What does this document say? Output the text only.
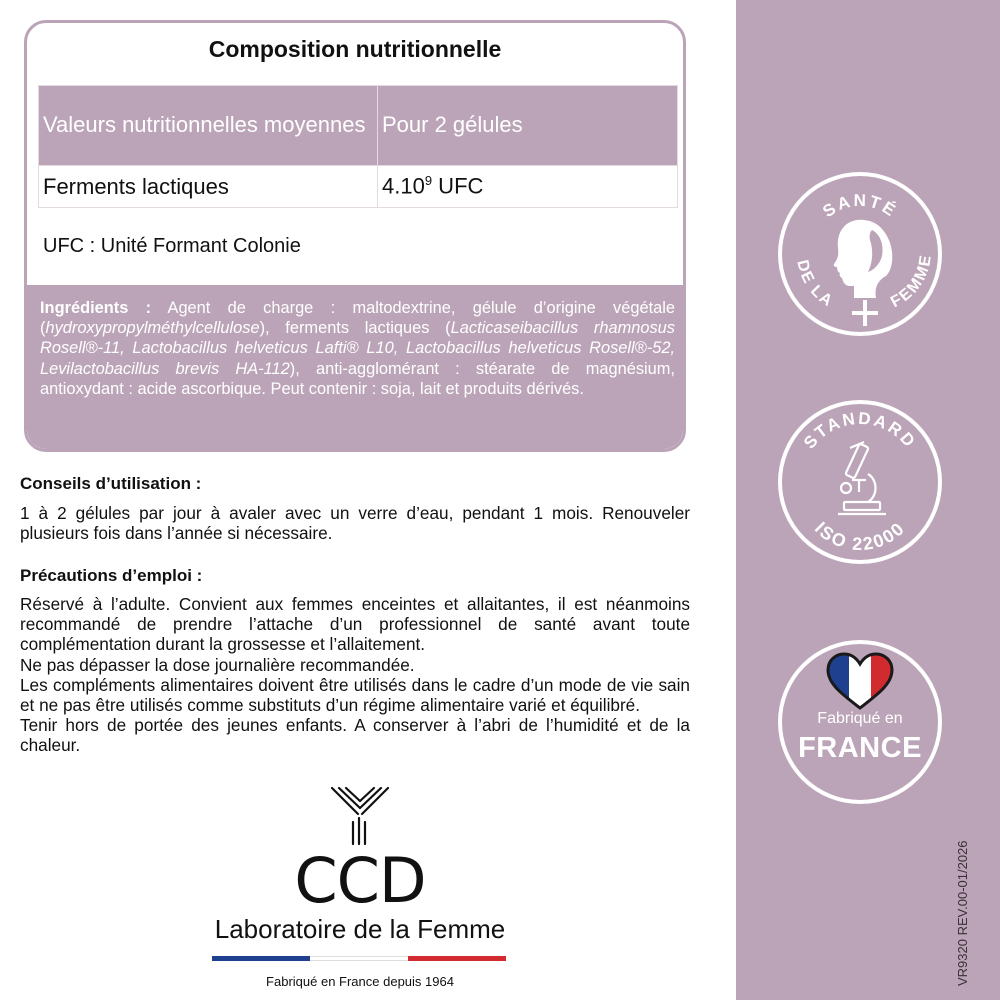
SANTÉ
DE LA	FEMME
STANDARD
ISO 22000
Fabriqué en
FRANCE
VR9320 REV.00-01/2026
Composition nutritionnelle
Valeurs nutritionnelles moyennes	Pour 2 gélules
Ferments lactiques	4.10$^9$ UFC
UFC : Unité Formant Colonie
Ingrédients : Agent de charge : maltodextrine, gélule d’origine végétale (hydroxypropylméthylcellulose), ferments lactiques (Lacticaseibacillus rhamnosus Rosell®-11, Lactobacillus helveticus Lafti® L10, Lactobacillus helveticus Rosell®-52, Levilactobacillus brevis HA-112), anti-agglomérant : stéarate de magnésium, antioxydant : acide ascorbique. Peut contenir : soja, lait et produits dérivés.
Conseils d’utilisation :

1 à 2 gélules par jour à avaler avec un verre d’eau, pendant 1 mois. Renouveler plusieurs fois dans l’année si nécessaire.

Précautions d’emploi :

Réservé à l’adulte. Convient aux femmes enceintes et allaitantes, il est néanmoins recommandé de prendre l’attache d’un professionnel de santé avant toute complémentation durant la grossesse et l’allaitement.

Ne pas dépasser la dose journalière recommandée.

Les compléments alimentaires doivent être utilisés dans le cadre d’un mode de vie sain et ne pas être utilisés comme substituts d’un régime alimentaire varié et équilibré.

Tenir hors de portée des jeunes enfants. A conserver à l’abri de l’humidité et de la chaleur.

CCD
Laboratoire de la Femme
Fabriqué en France depuis 1964
